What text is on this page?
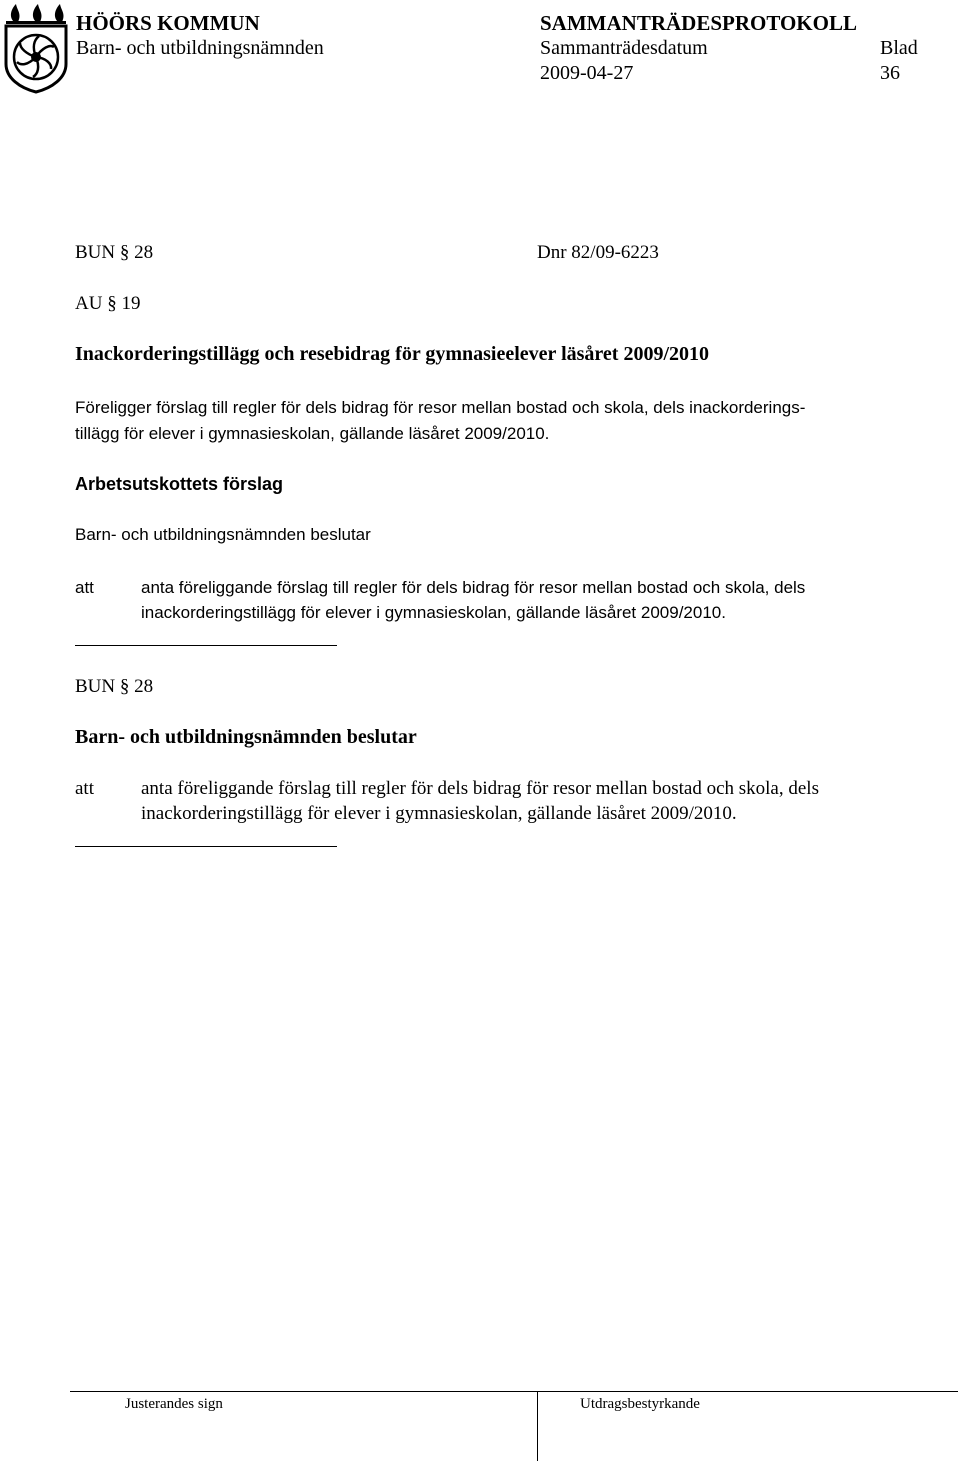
HÖÖRS KOMMUN
Barn- och utbildningsnämnden
SAMMANTRÄDESPROTOKOLL
Sammanträdesdatum
2009-04-27
Blad
36
BUN § 28	Dnr 82/09-6223
AU § 19
Inackorderingstillägg och resebidrag för gymnasieelever läsåret 2009/2010
Föreligger förslag till regler för dels bidrag för resor mellan bostad och skola, dels inackorderings-
tillägg för elever i gymnasieskolan, gällande läsåret 2009/2010.
Arbetsutskottets förslag
Barn- och utbildningsnämnden beslutar
att	anta föreliggande förslag till regler för dels bidrag för resor mellan bostad och skola, dels
inackorderingstillägg för elever i gymnasieskolan, gällande läsåret 2009/2010.
BUN § 28
Barn- och utbildningsnämnden beslutar
att anta föreliggande förslag till regler för dels bidrag för resor mellan bostad och skola, dels
inackorderingstillägg för elever i gymnasieskolan, gällande läsåret 2009/2010.
Justerandes sign	Utdragsbestyrkande
